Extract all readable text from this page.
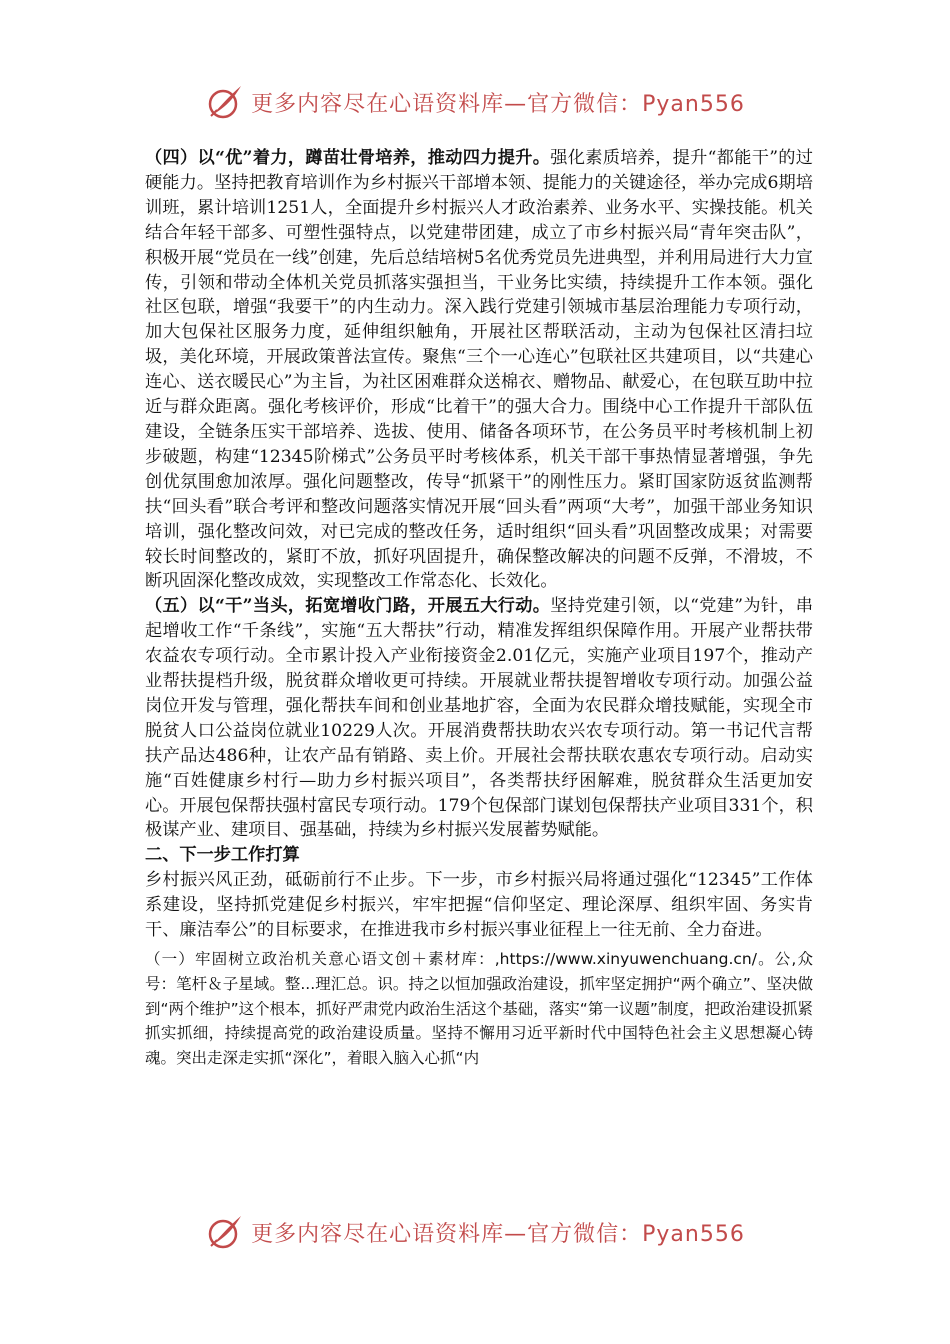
更多内容尽在心语资料库—官方微信：Pyan556

（四）以“优”着力，蹲苗壮骨培养，推动四力提升。强化素质培养，提升“都能干”的过硬能力。坚持把教育培训作为乡村振兴干部增本领、提能力的关键途径，举办完成6期培训班，累计培训1251人，全面提升乡村振兴人才政治素养、业务水平、实操技能。机关结合年轻干部多、可塑性强特点，以党建带团建，成立了市乡村振兴局“青年突击队”，积极开展“党员在一线”创建，先后总结培树5名优秀党员先进典型，并利用局进行大力宣传，引领和带动全体机关党员抓落实强担当，干业务比实绩，持续提升工作本领。强化社区包联，增强“我要干”的内生动力。深入践行党建引领城市基层治理能力专项行动，加大包保社区服务力度，延伸组织触角，开展社区帮联活动，主动为包保社区清扫垃圾，美化环境，开展政策普法宣传。聚焦“三个一心连心”包联社区共建项目，以“共建心连心、送衣暖民心”为主旨，为社区困难群众送棉衣、赠物品、献爱心，在包联互助中拉近与群众距离。强化考核评价，形成“比着干”的强大合力。围绕中心工作提升干部队伍建设，全链条压实干部培养、选拔、使用、储备各项环节，在公务员平时考核机制上初步破题，构建“12345阶梯式”公务员平时考核体系，机关干部干事热情显著增强，争先创优氛围愈加浓厚。强化问题整改，传导“抓紧干”的刚性压力。紧盯国家防返贫监测帮扶“回头看”联合考评和整改问题落实情况开展“回头看”两项“大考”，加强干部业务知识培训，强化整改问效，对已完成的整改任务，适时组织“回头看”巩固整改成果；对需要较长时间整改的，紧盯不放，抓好巩固提升，确保整改解决的问题不反弹，不滑坡，不断巩固深化整改成效，实现整改工作常态化、长效化。

（五）以“干”当头，拓宽增收门路，开展五大行动。坚持党建引领，以“党建”为针，串起增收工作“千条线”，实施“五大帮扶”行动，精准发挥组织保障作用。开展产业帮扶带农益农专项行动。全市累计投入产业衔接资金2.01亿元，实施产业项目197个，推动产业帮扶提档升级，脱贫群众增收更可持续。开展就业帮扶提智增收专项行动。加强公益岗位开发与管理，强化帮扶车间和创业基地扩容，全面为农民群众增技赋能，实现全市脱贫人口公益岗位就业10229人次。开展消费帮扶助农兴农专项行动。第一书记代言帮扶产品达486种，让农产品有销路、卖上价。开展社会帮扶联农惠农专项行动。启动实施“百姓健康乡村行—助力乡村振兴项目”，各类帮扶纾困解难，脱贫群众生活更加安心。开展包保帮扶强村富民专项行动。179个包保部门谋划包保帮扶产业项目331个，积极谋产业、建项目、强基础，持续为乡村振兴发展蓄势赋能。

二、下一步工作打算

乡村振兴风正劲，砥砺前行不止步。下一步，市乡村振兴局将通过强化“12345”工作体系建设，坚持抓党建促乡村振兴，牢牢把握“信仰坚定、理论深厚、组织牢固、务实肯干、廉洁奉公”的目标要求，在推进我市乡村振兴事业征程上一往无前、全力奋进。

（一）牢固树立政治机关意心语文创＋素材库：,https://www.xinyuwenchuang.cn/。公,众号：笔杆＆子星域。整...理汇总。识。持之以恒加强政治建设，抓牢坚定拥护“两个确立”、坚决做到“两个维护”这个根本，抓好严肃党内政治生活这个基础，落实“第一议题”制度，把政治建设抓紧抓实抓细，持续提高党的政治建设质量。坚持不懈用习近平新时代中国特色社会主义思想凝心铸魂。突出走深走实抓“深化”，着眼入脑入心抓“内

更多内容尽在心语资料库—官方微信：Pyan556
